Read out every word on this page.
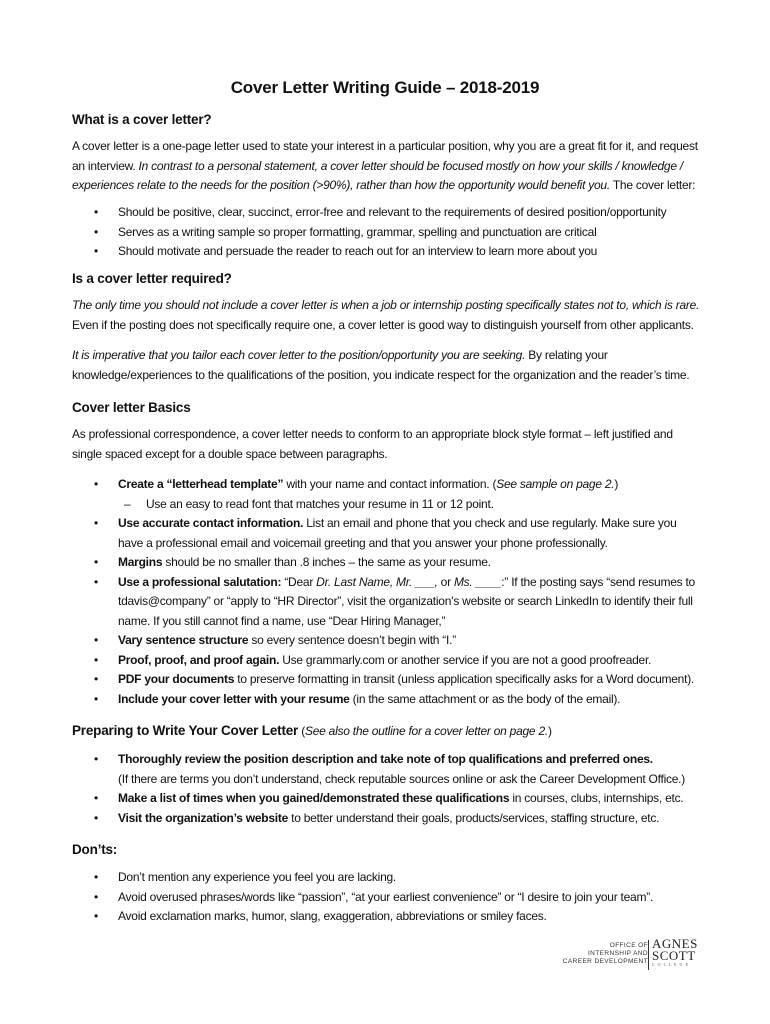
Cover Letter Writing Guide – 2018-2019
What is a cover letter?
A cover letter is a one-page letter used to state your interest in a particular position, why you are a great fit for it, and request an interview. In contrast to a personal statement, a cover letter should be focused mostly on how your skills / knowledge / experiences relate to the needs for the position (>90%), rather than how the opportunity would benefit you. The cover letter:
• Should be positive, clear, succinct, error-free and relevant to the requirements of desired position/opportunity
• Serves as a writing sample so proper formatting, grammar, spelling and punctuation are critical
• Should motivate and persuade the reader to reach out for an interview to learn more about you
Is a cover letter required?
The only time you should not include a cover letter is when a job or internship posting specifically states not to, which is rare. Even if the posting does not specifically require one, a cover letter is good way to distinguish yourself from other applicants.
It is imperative that you tailor each cover letter to the position/opportunity you are seeking. By relating your knowledge/experiences to the qualifications of the position, you indicate respect for the organization and the reader’s time.
Cover letter Basics
As professional correspondence, a cover letter needs to conform to an appropriate block style format – left justified and single spaced except for a double space between paragraphs.
• Create a “letterhead template” with your name and contact information. (See sample on page 2.)
– Use an easy to read font that matches your resume in 11 or 12 point.
• Use accurate contact information. List an email and phone that you check and use regularly. Make sure you have a professional email and voicemail greeting and that you answer your phone professionally.
• Margins should be no smaller than .8 inches – the same as your resume.
• Use a professional salutation: “Dear Dr. Last Name, Mr. ___, or Ms. ____:” If the posting says “send resumes to tdavis@company” or “apply to “HR Director”, visit the organization’s website or search LinkedIn to identify their full name. If you still cannot find a name, use “Dear Hiring Manager,”
• Vary sentence structure so every sentence doesn’t begin with “I.”
• Proof, proof, and proof again. Use grammarly.com or another service if you are not a good proofreader.
• PDF your documents to preserve formatting in transit (unless application specifically asks for a Word document).
• Include your cover letter with your resume (in the same attachment or as the body of the email).
Preparing to Write Your Cover Letter (See also the outline for a cover letter on page 2.)
• Thoroughly review the position description and take note of top qualifications and preferred ones.
(If there are terms you don’t understand, check reputable sources online or ask the Career Development Office.)
• Make a list of times when you gained/demonstrated these qualifications in courses, clubs, internships, etc.
• Visit the organization’s website to better understand their goals, products/services, staffing structure, etc.
Don’ts:
• Don’t mention any experience you feel you are lacking.
• Avoid overused phrases/words like “passion”, “at your earliest convenience” or “I desire to join your team”.
• Avoid exclamation marks, humor, slang, exaggeration, abbreviations or smiley faces.
OFFICE OF
INTERNSHIP AND
CAREER DEVELOPMENT
AGNES
SCOTT
C O L L E G E
